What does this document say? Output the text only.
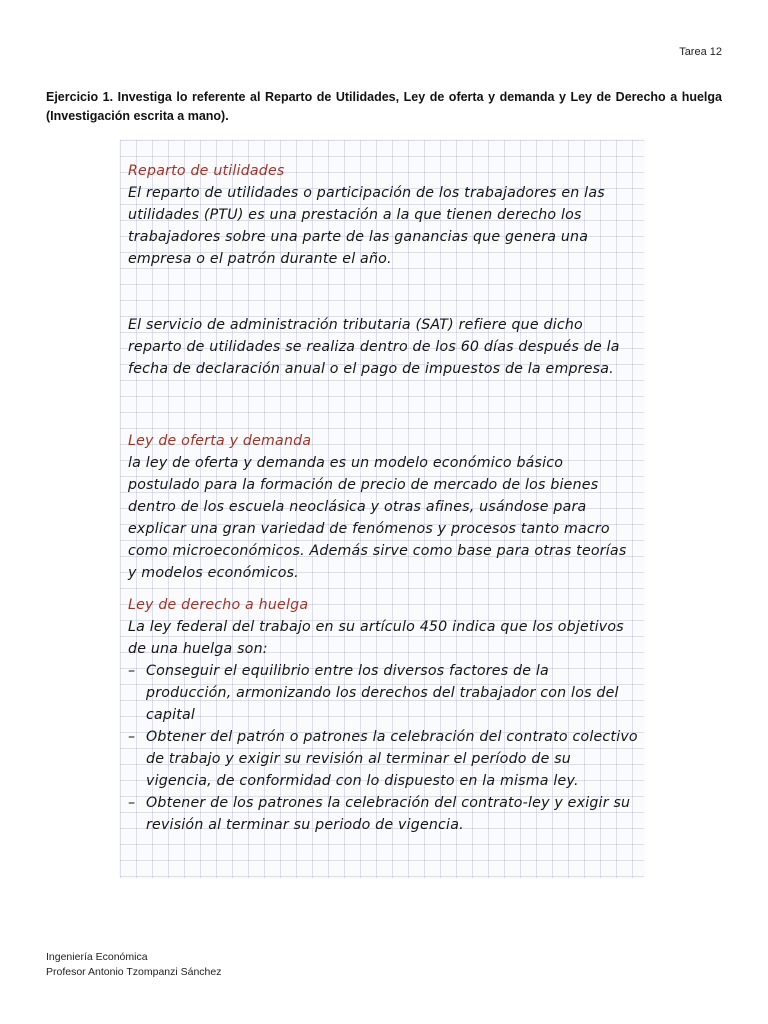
Tarea 12
Ejercicio 1. Investiga lo referente al Reparto de Utilidades, Ley de oferta y demanda y Ley de Derecho a huelga (Investigación escrita a mano).

Reparto de utilidades

El reparto de utilidades o participación de los trabajadores en las utilidades (PTU) es una prestación a la que tienen derecho los trabajadores sobre una parte de las ganancias que genera una empresa o el patrón durante el año.

El servicio de administración tributaria (SAT) refiere que dicho reparto de utilidades se realiza dentro de los 60 días después de la fecha de declaración anual o el pago de impuestos de la empresa.

Ley de oferta y demanda

la ley de oferta y demanda es un modelo económico básico postulado para la formación de precio de mercado de los bienes dentro de los escuela neoclásica y otras afines, usándose para explicar una gran variedad de fenómenos y procesos tanto macro como microeconómicos. Además sirve como base para otras teorías y modelos económicos.

Ley de derecho a huelga

La ley federal del trabajo en su artículo 450 indica que los objetivos de una huelga son:

– Conseguir el equilibrio entre los diversos factores de la producción, armonizando los derechos del trabajador con los del capital

– Obtener del patrón o patrones la celebración del contrato colectivo de trabajo y exigir su revisión al terminar el período de su vigencia, de conformidad con lo dispuesto en la misma ley.

– Obtener de los patrones la celebración del contrato-ley y exigir su revisión al terminar su periodo de vigencia.

Ingeniería Económica
Profesor Antonio Tzompanzi Sánchez
